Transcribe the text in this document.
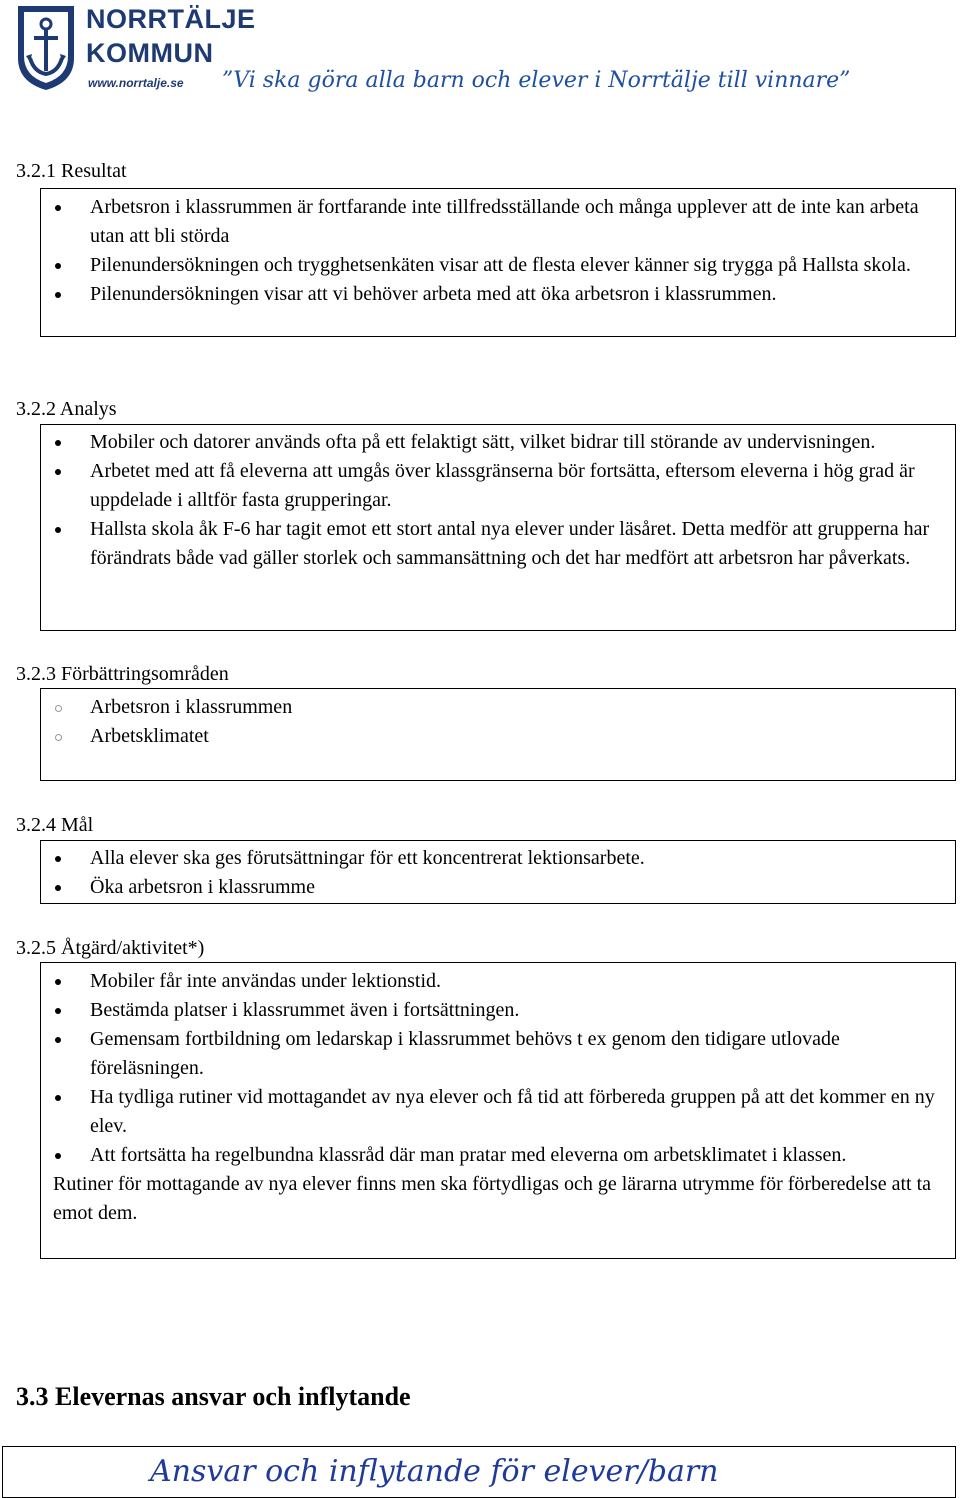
NORRTÄLJE
KOMMUN
www.norrtalje.se ”Vi ska göra alla barn och elever i Norrtälje till vinnare”
3.2.1 Resultat
Arbetsron i klassrummen är fortfarande inte tillfredsställande och många upplever att de inte kan arbeta utan att bli störda
Pilenundersökningen och trygghetsenkäten visar att de flesta elever känner sig trygga på Hallsta skola.
Pilenundersökningen visar att vi behöver arbeta med att öka arbetsron i klassrummen.
3.2.2 Analys
Mobiler och datorer används ofta på ett felaktigt sätt, vilket bidrar till störande av undervisningen.
Arbetet med att få eleverna att umgås över klassgränserna bör fortsätta, eftersom eleverna i hög grad är uppdelade i alltför fasta grupperingar.
Hallsta skola åk F-6 har tagit emot ett stort antal nya elever under läsåret. Detta medför att grupperna har förändrats både vad gäller storlek och sammansättning och det har medfört att arbetsron har påverkats.
3.2.3 Förbättringsområden
Arbetsron i klassrummen
Arbetsklimatet
3.2.4 Mål
Alla elever ska ges förutsättningar för ett koncentrerat lektionsarbete.
Öka arbetsron i klassrumme
3.2.5 Åtgärd/aktivitet*)
Mobiler får inte användas under lektionstid.
Bestämda platser i klassrummet även i fortsättningen.
Gemensam fortbildning om ledarskap i klassrummet behövs t ex genom den tidigare utlovade föreläsningen.
Ha tydliga rutiner vid mottagandet av nya elever och få tid att förbereda gruppen på att det kommer en ny elev.
Att fortsätta ha regelbundna klassråd där man pratar med eleverna om arbetsklimatet i klassen.
Rutiner för mottagande av nya elever finns men ska förtydligas och ge lärarna utrymme för förberedelse att ta emot dem.
3.3 Elevernas ansvar och inflytande
Ansvar och inflytande för elever/barn
